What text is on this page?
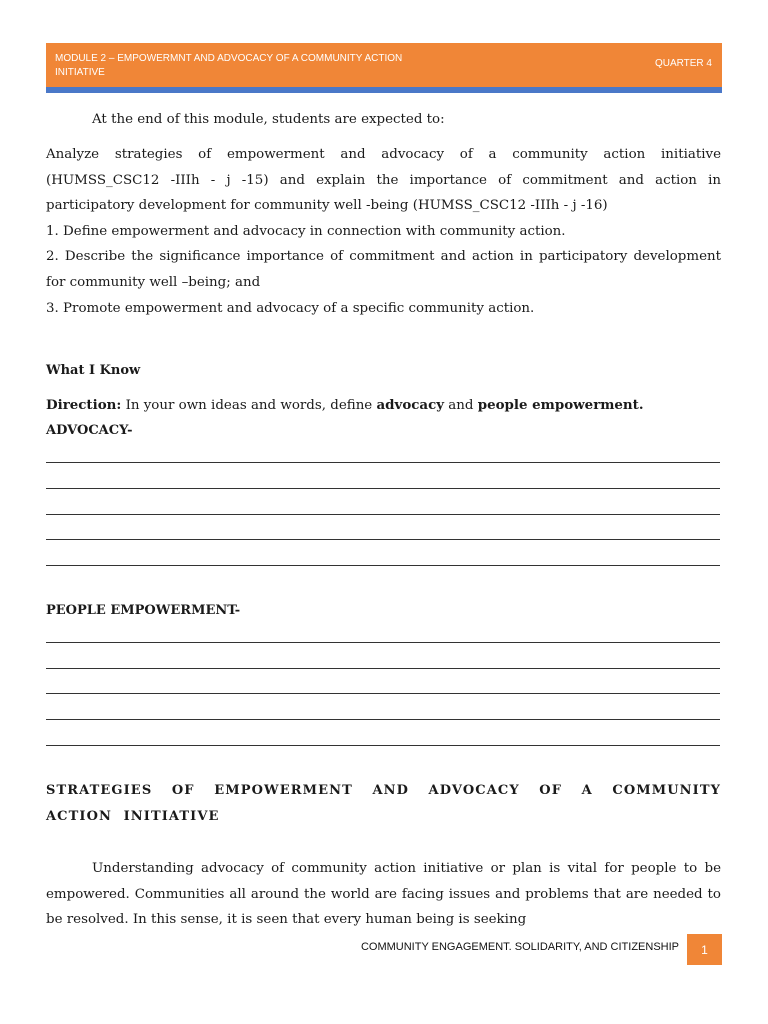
MODULE 2 – EMPOWERMNT AND ADVOCACY OF A COMMUNITY ACTION INITIATIVE
QUARTER 4

At the end of this module, students are expected to:

Analyze strategies of empowerment and advocacy of a community action initiative (HUMSS_CSC12 -IIIh - j -15) and explain the importance of commitment and action in participatory development for community well -being (HUMSS_CSC12 -IIIh - j -16)

1. Define empowerment and advocacy in connection with community action.

2. Describe the significance importance of commitment and action in participatory development for community well –being; and

3. Promote empowerment and advocacy of a specific community action.

What I Know

Direction: In your own ideas and words, define advocacy and people empowerment.

ADVOCACY-

PEOPLE EMPOWERMENT-

STRATEGIES OF EMPOWERMENT AND ADVOCACY OF A COMMUNITY ACTION INITIATIVE

Understanding advocacy of community action initiative or plan is vital for people to be empowered. Communities all around the world are facing issues and problems that are needed to be resolved. In this sense, it is seen that every human being is seeking

COMMUNITY ENGAGEMENT. SOLIDARITY, AND CITIZENSHIP	1
